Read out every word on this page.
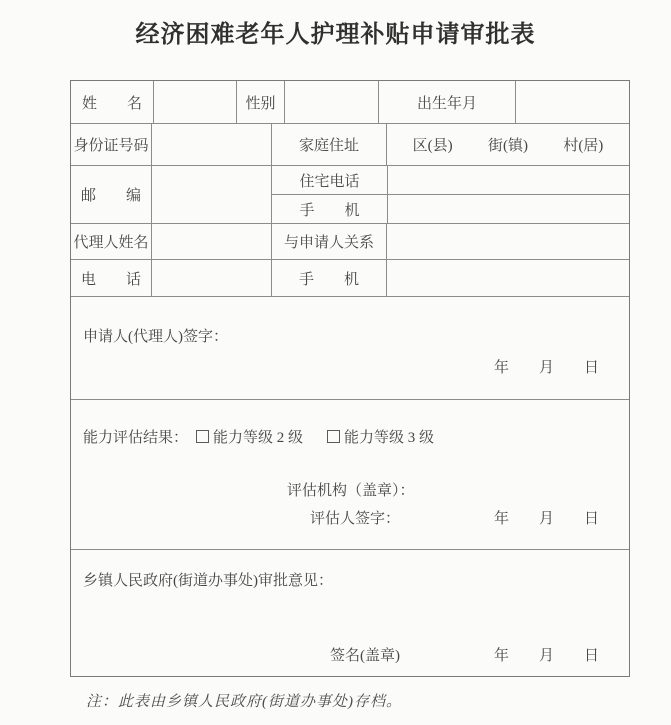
经济困难老年人护理补贴申请审批表
姓　　名	性别	出生年月
身份证号码	家庭住址	区(县) 街(镇) 村(居)
邮　　编
住宅电话
手　　机
代理人姓名	与申请人关系
电　　话	手　　机
申请人(代理人)签字：
年　　月　　日
能力评估结果： 能力等级 2 级	能力等级 3 级
评估机构（盖章）：
评估人签字：	年　　月　　日
乡镇人民政府(街道办事处)审批意见：
签名(盖章)	年　　月　　日
注：此表由乡镇人民政府(街道办事处)存档。
